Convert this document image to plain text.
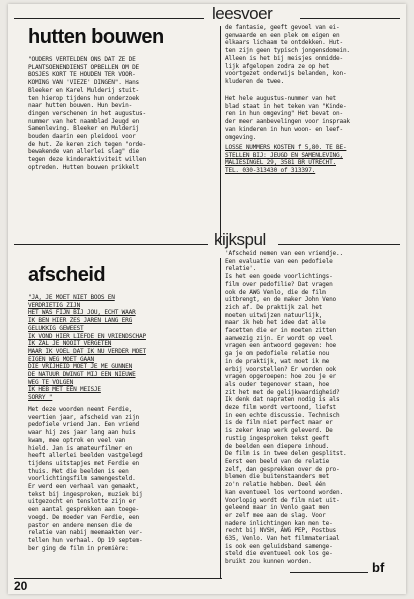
leesvoer
hutten bouwen
"OUDERS VERTELDEN ONS DAT ZE DE
PLANTSOENENDIENST OPBELLEN OM DE
BOSJES KORT TE HOUDEN TER VOOR-
KOMING VAN 'VIEZE' DINGEN". Hans
Bleeker en Karel Mulderij stuit-
ten hierop tijdens hun onderzoek
naar hutten bouwen. Hun bevin-
dingen verschenen in het augustus-
nummer van het naamblad Jeugd en
Samenleving. Bleeker en Mulderij
bouden daarin een pleidooi voor
de hut. Ze keren zich tegen "orde-
bewakende van allerlei slag" die
tegen deze kinderaktiviteit willen
optreden. Hutten bouwen prikkelt
de fantasie, geeft gevoel van ei-
genwaarde en een plek om eigen en
elkaars lichaam te ontdekken. Hut-
ten zijn geen typisch jongensdomein.
Alleen is het bij meisjes onmidde-
lijk afgelopen zodra ze op het
voortgezet onderwijs belanden, kon-
kluderen de twee.
Het hele augustus-nummer van het
blad staat in het teken van "Kinde-
ren in hun omgeving" Het bevat on-
der meer aanbevelingen voor inspraak
van kinderen in hun woon- en leef-
omgeving.
LOSSE NUMMERS KOSTEN f 5,80. TE BE-
STELLEN BIJ: JEUGD EN SAMENLEVING,
MALIESINGEL 29, 3581 BR UTRECHT.
TEL. 030-313430 of 313397.
kijkspul
afscheid
"JA, JE MOET NIET BOOS EN
VERDRIETIG ZIJN
HET WAS FIJN BIJ JOU, ECHT WAAR
IK BEN HIER ZES JAREN LANG ERG
GELUKKIG GEWEEST
IK VOND HIER LIEFDE EN VRIENDSCHAP
IK ZAL JE NOOIT VERGETEN
MAAR IK VOEL DAT IK NU VERDER MOET
EIGEN WEG MOET GAAN
DIE VRIJHEID MOET JE ME GUNNEN
DE NATUUR DWINGT MIJ EEN NIEUWE
WEG TE VOLGEN
IK HEB MET EEN MEISJE
SORRY "
Met deze woorden neemt Ferdie,
veertien jaar, afscheid van zijn
pedofiele vriend Jan. Een vriend
waar hij zes jaar lang aan huis
kwam, mee optrok en veel van
hield. Jan is amateurfilmer en
heeft allerlei beelden vastgelegd
tijdens uitstapjes met Ferdie en
thuis. Met die beelden is een
voorlichtingsfilm samengesteld.
Er werd een verhaal van gemaakt,
tekst bij ingesproken, muziek bij
uitgezocht en tenslotte zijn er
een aantal gesprekken aan toege-
voegd. De moeder van Ferdie, een
pastor en andere mensen die de
relatie van nabij meemaakten ver-
tellen hun verhaal. Op 19 septem-
ber ging de film in première:
'Afscheid nemen van een vriendje..
Een evaluatie van een pedofiele
relatie'.
Is het een goede voorlichtings-
film over pedofilie? Dat vragen
ook de AWG Venlo, die de film
uitbrengt, en de maker John Veno
zich af. De praktijk zal het
moeten uitwijzen natuurlijk,
maar ik heb het idee dat alle
facetten die er in moeten zitten
aanwezig zijn. Er wordt op veel
vragen een antwoord gegeven: hoe
ga je om pedofiele relatie nou
in de praktijk, wat moet ik me
erbij voorstellen? Er worden ook
vragen opgeroepen: hoe zou je er
als ouder tegenover staan, hoe
zit het met de gelijkwaardigheid?
Ik denk dat napraten nodig is als
deze film wordt vertoond, liefst
in een echte discussie. Technisch
is de film niet perfect maar er
is zeker knap werk geleverd. De
rustig ingesproken tekst geeft
de beelden een diepere inhoud.
De film is in twee delen gesplitst.
Eerst een beeld van de relatie
zelf, dan gesprekken over de pro-
blemen die buitenstaanders met
zo'n relatie hebben. Deel één
kan eventueel los vertoond worden.
Voorlopig wordt de film niet uit-
geleend maar in Venlo gaat men
er zelf mee aan de slag. Voor
nadere inlichtingen kan men te-
recht bij NVSH, AWG PEP, Postbus
635, Venlo. Van het filmmateriaal
is ook een geluidsband samenge-
steld die eventueel ook los ge-
bruikt zou kunnen worden.	bf
20
